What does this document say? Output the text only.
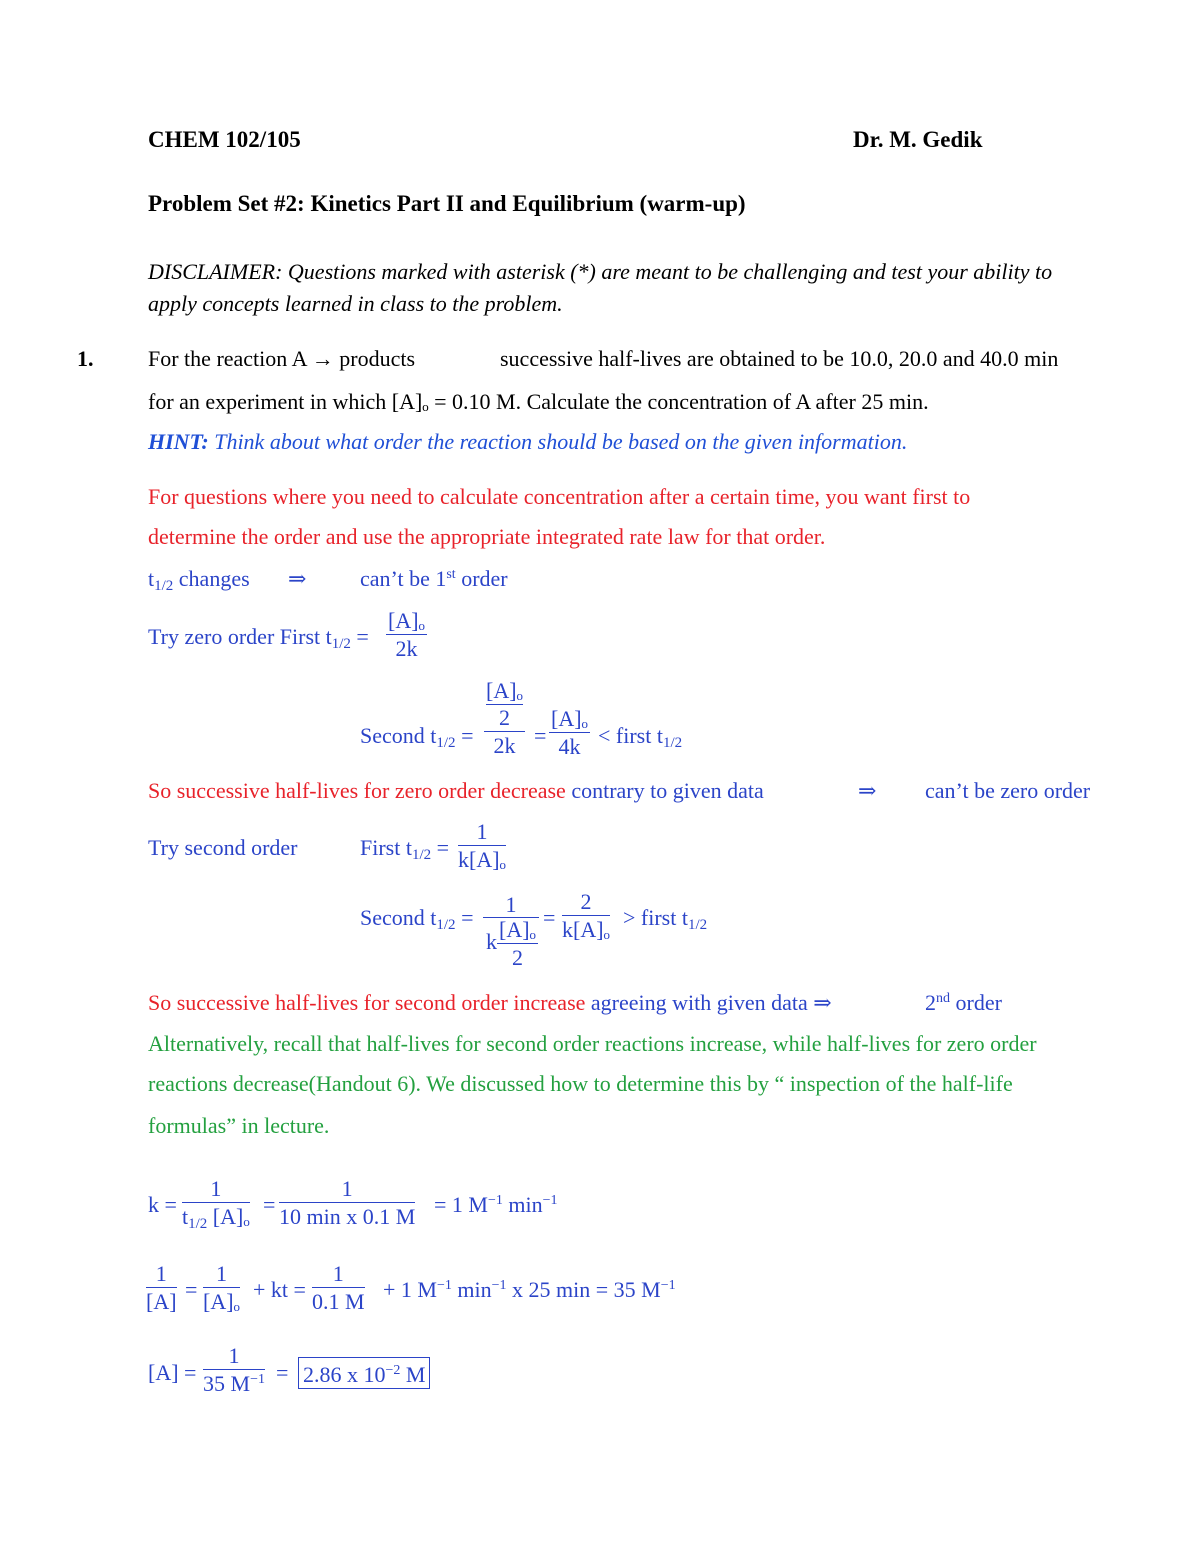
CHEM 102/105	Dr. M. Gedik
Problem Set #2: Kinetics Part II and Equilibrium (warm-up)
DISCLAIMER: Questions marked with asterisk (*) are meant to be challenging and test your ability to
apply concepts learned in class to the problem.
1. For the reaction A → products	successive half-lives are obtained to be 10.0, 20.0 and 40.0 min
for an experiment in which [A]ₒ = 0.10 M. Calculate the concentration of A after 25 min.
HINT: Think about what order the reaction should be based on the given information.
For questions where you need to calculate concentration after a certain time, you want first to
determine the order and use the appropriate integrated rate law for that order.
$t_{1/2}$ changes ⇒ can’t be 1st order
Try zero order First $t_{1/2} = \frac{\text{[A]ₒ}}{2k}$
[A]ₒ
2
2k
Second $t_{1/2}$ =	= $\frac{\text{[A]ₒ}}{4k}$ < first $t_{1/2}$
So successive half-lives for zero order decrease contrary to given data	⇒ can’t be zero order
Try second order	First $t_{1/2} = \frac{1}{\text{k[A]ₒ}}$
Second $t_{1/2}$ =
1
k $\frac{\text{[A]ₒ}}{2}$
= $\frac{2}{\text{k[A]ₒ}}$ > first $t_{1/2}$
So successive half-lives for second order increase agreeing with given data ⇒	2nd order
Alternatively, recall that half-lives for second order reactions increase, while half-lives for zero order
reactions decrease(Handout 6). We discussed how to determine this by “ inspection of the half-life
formulas” in lecture.
$k = \frac{1}{t_{1/2} [A]_o}$ =
1
10 min x 0.1 M = 1 $M^{-1}$ $\min^{-1}$
$\frac{1}{[A]} = \frac{1}{\text{[A]ₒ}}$ + kt = $\frac{1}{0.1 M} + 1$ $M^{-1}$ $\min^{-1} x$ 25 min = 35 $M^{-1}$
$[A] = \frac{1}{35 M^{-1}} = 2.86$ x $10^{-2}$ M
